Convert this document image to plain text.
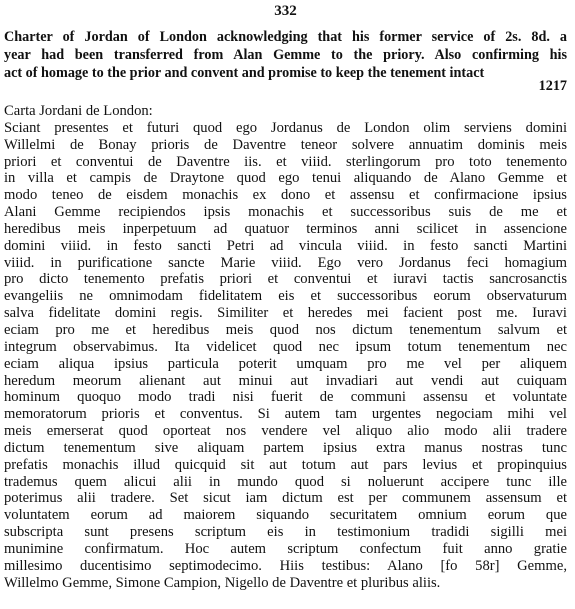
332
Charter of Jordan of London acknowledging that his former service of 2s. 8d. a
year had been transferred from Alan Gemme to the priory. Also confirming his
act of homage to the prior and convent and promise to keep the tenement intact
1217
Carta Jordani de London:
Sciant presentes et futuri quod ego Jordanus de London olim serviens domini
Willelmi de Bonay prioris de Daventre teneor solvere annuatim dominis meis
priori et conventui de Daventre iis. et viiid. sterlingorum pro toto tenemento
in villa et campis de Draytone quod ego tenui aliquando de Alano Gemme et
modo teneo de eisdem monachis ex dono et assensu et confirmacione ipsius
Alani Gemme recipiendos ipsis monachis et successoribus suis de me et
heredibus meis inperpetuum ad quatuor terminos anni scilicet in assencione
domini viiid. in festo sancti Petri ad vincula viiid. in festo sancti Martini
viiid. in purificatione sancte Marie viiid. Ego vero Jordanus feci homagium
pro dicto tenemento prefatis priori et conventui et iuravi tactis sancrosanctis
evangeliis ne omnimodam fidelitatem eis et successoribus eorum observaturum
salva fidelitate domini regis. Similiter et heredes mei facient post me. Iuravi
eciam pro me et heredibus meis quod nos dictum tenementum salvum et
integrum observabimus. Ita videlicet quod nec ipsum totum tenementum nec
eciam aliqua ipsius particula poterit umquam pro me vel per aliquem
heredum meorum alienant aut minui aut invadiari aut vendi aut cuiquam
hominum quoquo modo tradi nisi fuerit de communi assensu et voluntate
memoratorum prioris et conventus. Si autem tam urgentes negociam mihi vel
meis emerserat quod oporteat nos vendere vel aliquo alio modo alii tradere
dictum tenementum sive aliquam partem ipsius extra manus nostras tunc
prefatis monachis illud quicquid sit aut totum aut pars levius et propinquius
trademus quem alicui alii in mundo quod si noluerunt accipere tunc ille
poterimus alii tradere. Set sicut iam dictum est per communem assensum et
voluntatem eorum ad maiorem siquando securitatem omnium eorum que
subscripta sunt presens scriptum eis in testimonium tradidi sigilli mei
munimine confirmatum. Hoc autem scriptum confectum fuit anno gratie
millesimo ducentisimo septimodecimo. Hiis testibus: Alano [fo 58r] Gemme,
Willelmo Gemme, Simone Campion, Nigello de Daventre et pluribus aliis.
